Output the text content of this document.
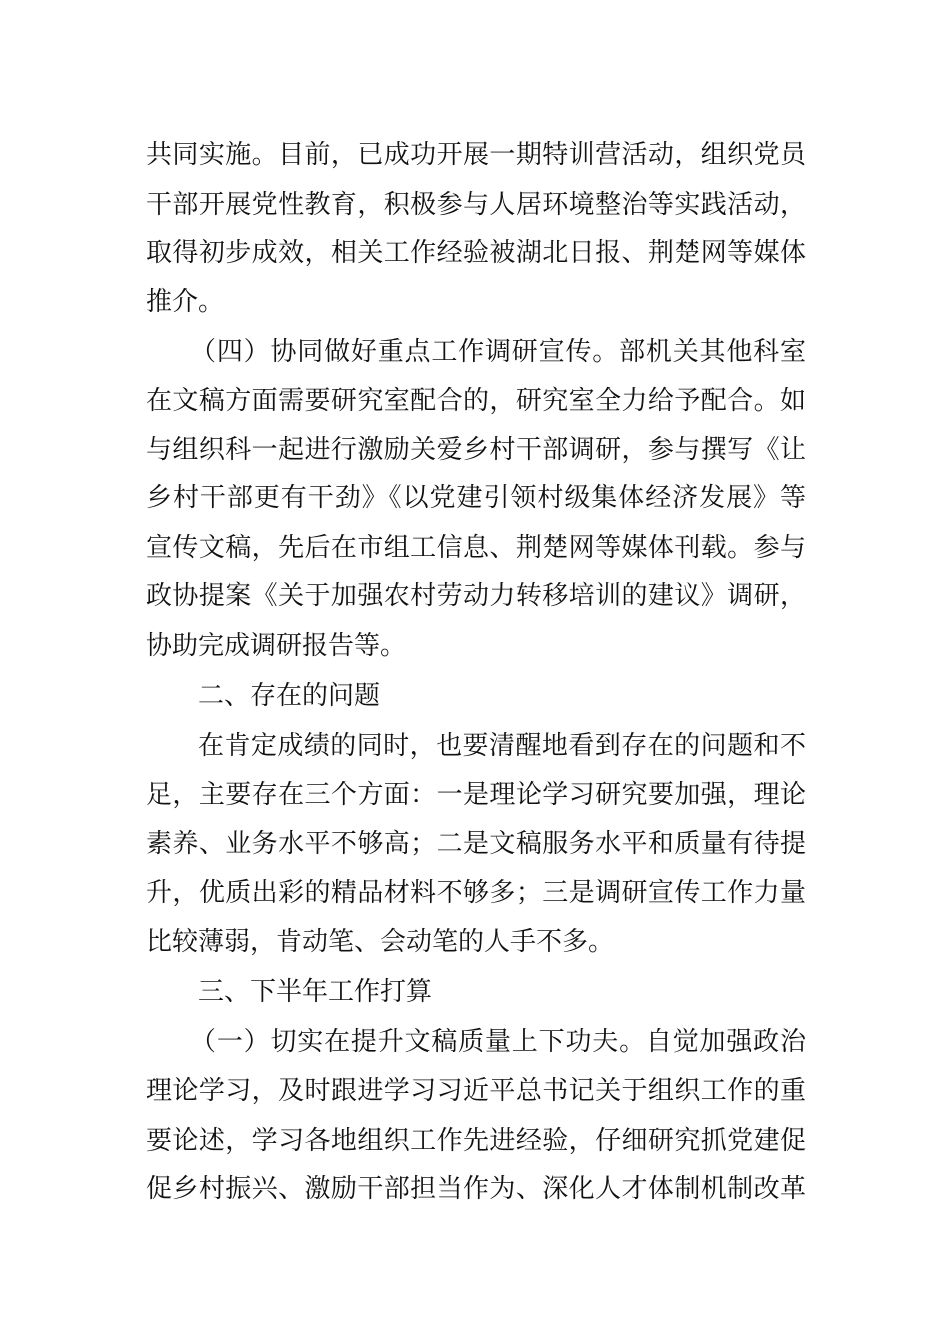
共同实施。目前，已成功开展一期特训营活动，组织党员
干部开展党性教育，积极参与人居环境整治等实践活动，
取得初步成效，相关工作经验被湖北日报、荆楚网等媒体
推介。
（四）协同做好重点工作调研宣传。部机关其他科室
在文稿方面需要研究室配合的，研究室全力给予配合。如
与组织科一起进行激励关爱乡村干部调研，参与撰写《让
乡村干部更有干劲》《以党建引领村级集体经济发展》等
宣传文稿，先后在市组工信息、荆楚网等媒体刊载。参与
政协提案《关于加强农村劳动力转移培训的建议》调研，
协助完成调研报告等。
二、存在的问题
在肯定成绩的同时，也要清醒地看到存在的问题和不
足，主要存在三个方面：一是理论学习研究要加强，理论
素养、业务水平不够高；二是文稿服务水平和质量有待提
升，优质出彩的精品材料不够多；三是调研宣传工作力量
比较薄弱，肯动笔、会动笔的人手不多。
三、下半年工作打算
（一）切实在提升文稿质量上下功夫。自觉加强政治
理论学习，及时跟进学习习近平总书记关于组织工作的重
要论述，学习各地组织工作先进经验，仔细研究抓党建促
促乡村振兴、激励干部担当作为、深化人才体制机制改革
